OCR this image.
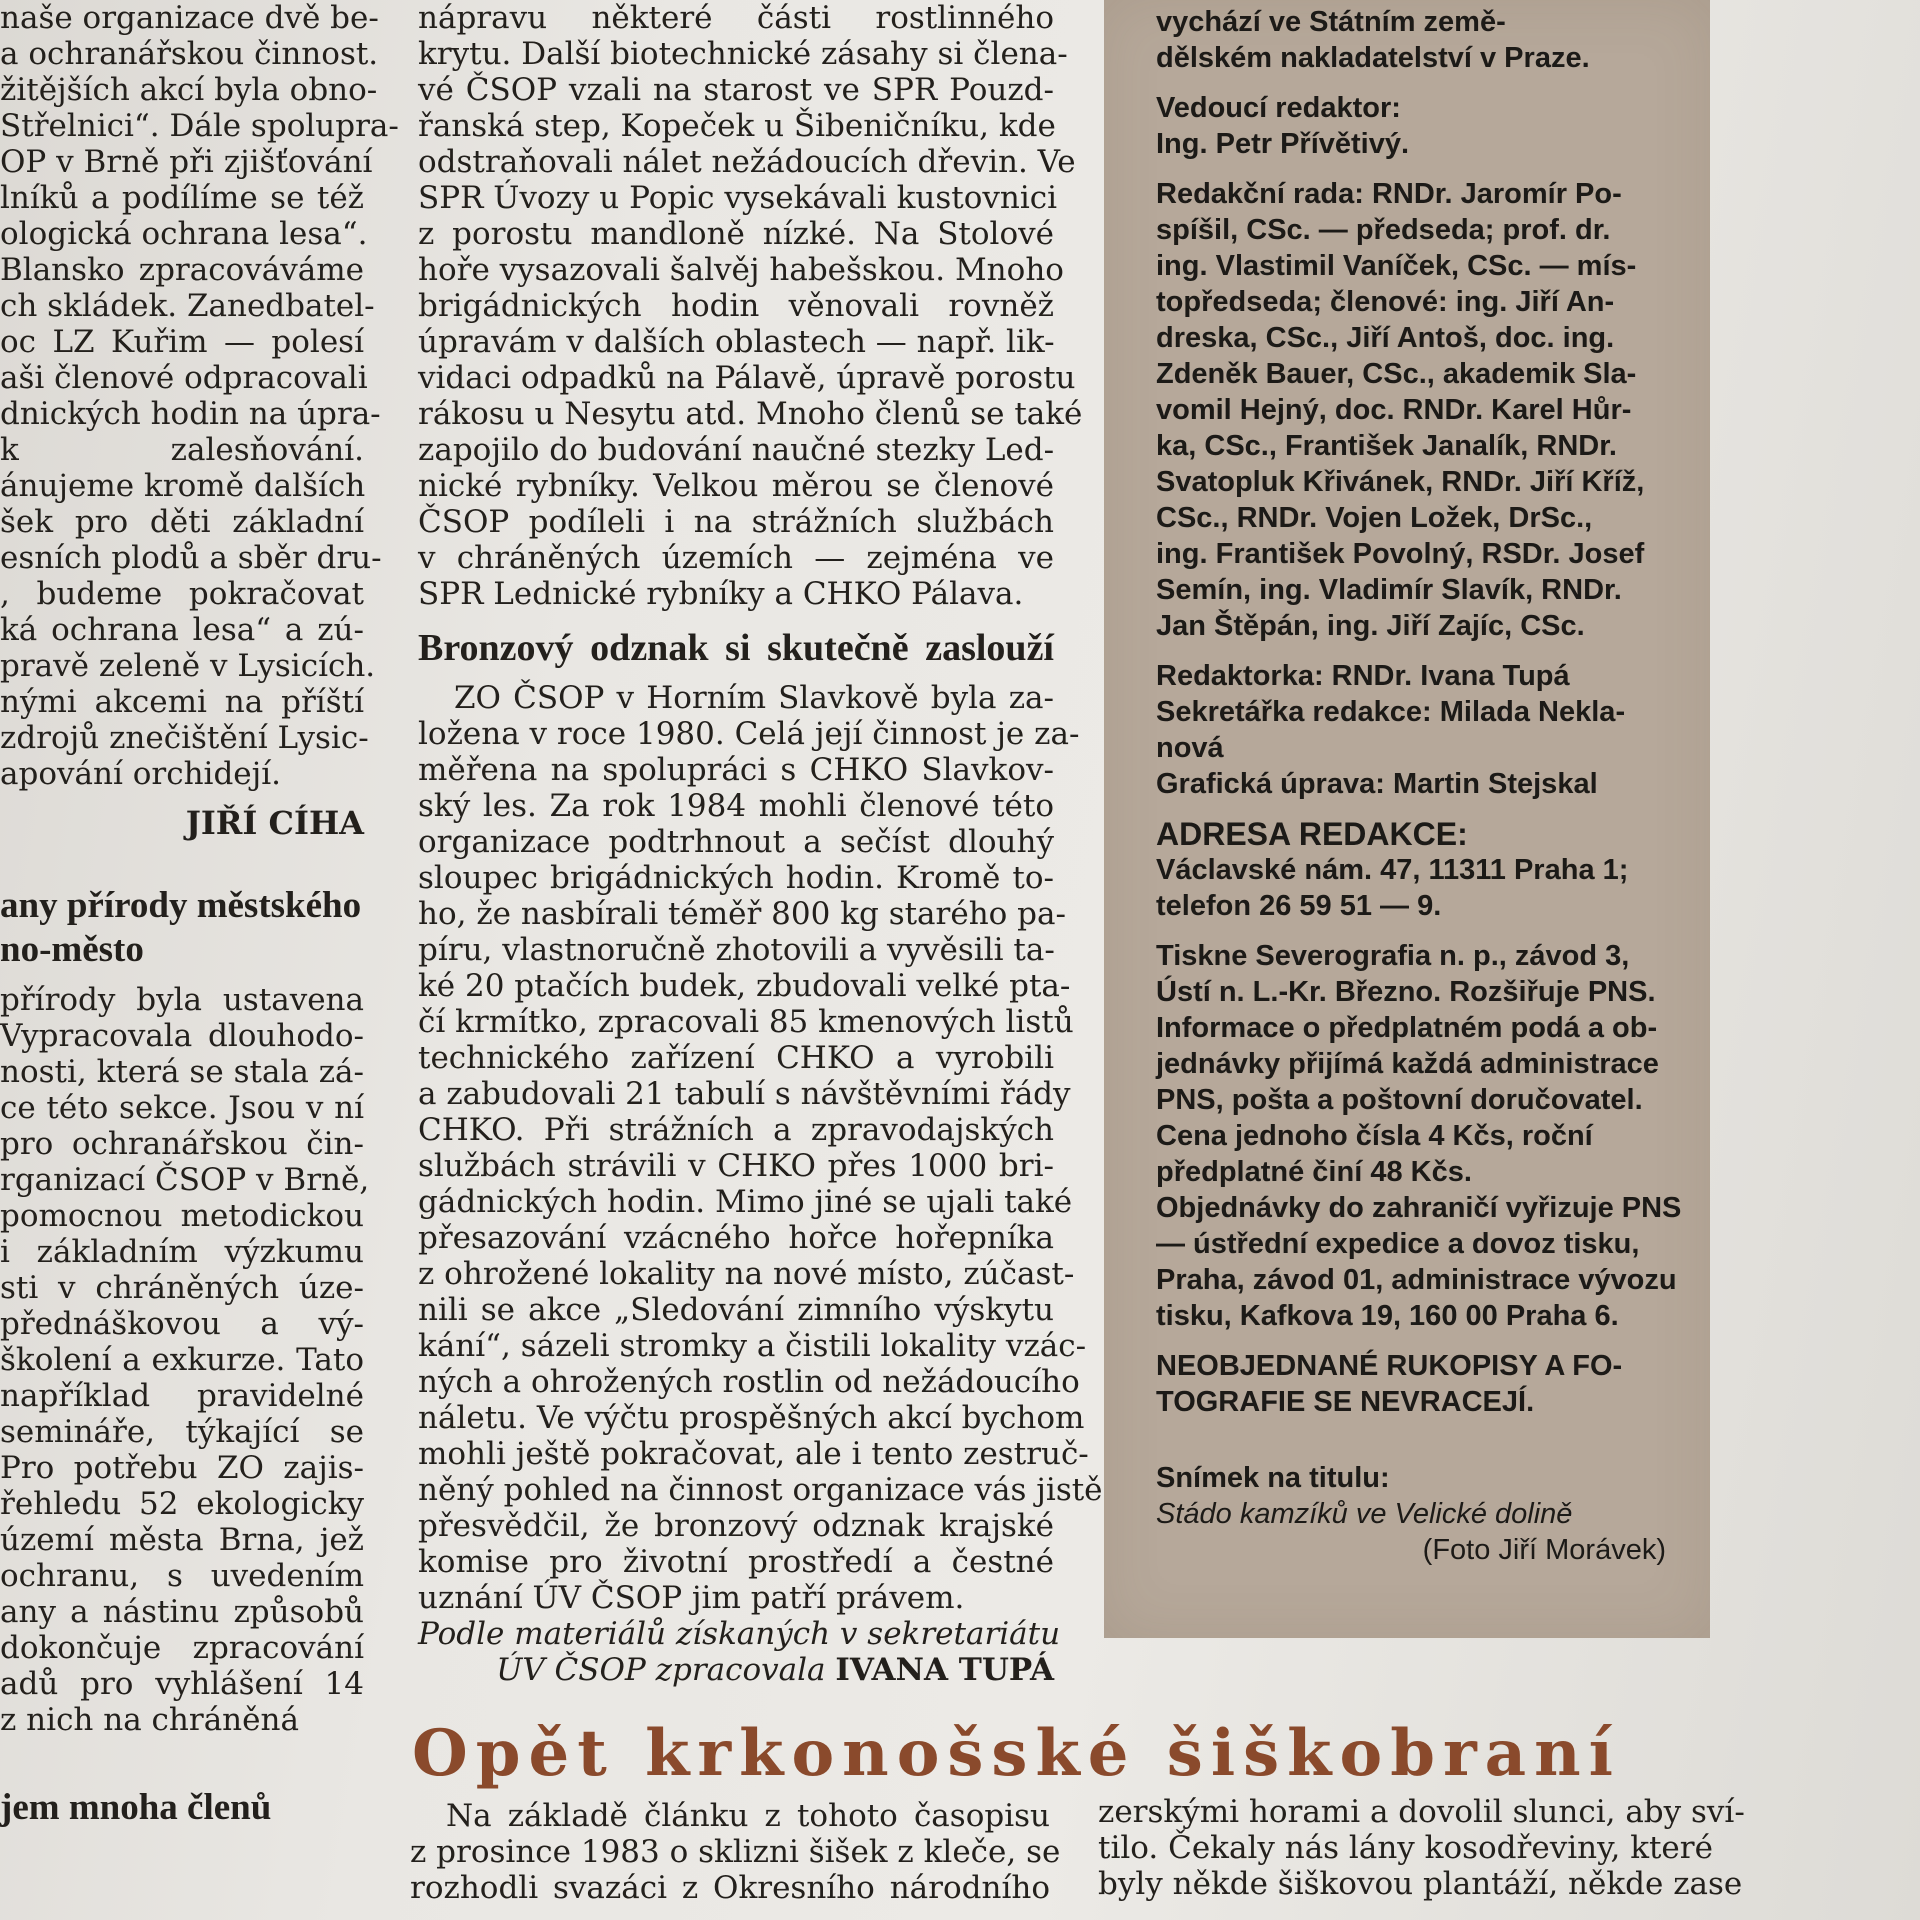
naše organizace dvě be-
a ochranářskou činnost.
žitějších akcí byla obno-
Střelnici“. Dále spolupra-
OP v Brně při zjišťování
lníků a podílíme se též
ologická ochrana lesa“.
Blansko zpracováváme
ch skládek. Zanedbatel-
oc LZ Kuřim — polesí
aši členové odpracovali
dnických hodin na úpra-
k zalesňování.
ánujeme kromě dalších
šek pro děti základní
esních plodů a sběr dru-
, budeme pokračovat
ká ochrana lesa“ a zú-
pravě zeleně v Lysicích.
nými akcemi na příští
zdrojů znečištění Lysic-
apování orchidejí.
JIŘÍ CÍHA
any přírody městského
no-město
přírody byla ustavena
Vypracovala dlouhodo-
nosti, která se stala zá-
ce této sekce. Jsou v ní
pro ochranářskou čin-
rganizací ČSOP v Brně,
pomocnou metodickou
i základním výzkumu
sti v chráněných úze-
přednáškovou a vý-
školení a exkurze. Tato
například pravidelné
semináře, týkající se
Pro potřebu ZO zajis-
řehledu 52 ekologicky
území města Brna, jež
ochranu, s uvedením
any a nástinu způsobů
dokončuje zpracování
adů pro vyhlášení 14
z nich na chráněná
jem mnoha členů
nápravu některé části rostlinného
krytu. Další biotechnické zásahy si člena-
vé ČSOP vzali na starost ve SPR Pouzd-
řanská step, Kopeček u Šibeničníku, kde
odstraňovali nálet nežádoucích dřevin. Ve
SPR Úvozy u Popic vysekávali kustovnici
z porostu mandloně nízké. Na Stolové
hoře vysazovali šalvěj habešskou. Mnoho
brigádnických hodin věnovali rovněž
úpravám v dalších oblastech — např. lik-
vidaci odpadků na Pálavě, úpravě porostu
rákosu u Nesytu atd. Mnoho členů se také
zapojilo do budování naučné stezky Led-
nické rybníky. Velkou měrou se členové
ČSOP podíleli i na strážních službách
v chráněných územích — zejména ve
SPR Lednické rybníky a CHKO Pálava.
Bronzový odznak si skutečně zaslouží
ZO ČSOP v Horním Slavkově byla za-
ložena v roce 1980. Celá její činnost je za-
měřena na spolupráci s CHKO Slavkov-
ský les. Za rok 1984 mohli členové této
organizace podtrhnout a sečíst dlouhý
sloupec brigádnických hodin. Kromě to-
ho, že nasbírali téměř 800 kg starého pa-
píru, vlastnoručně zhotovili a vyvěsili ta-
ké 20 ptačích budek, zbudovali velké pta-
čí krmítko, zpracovali 85 kmenových listů
technického zařízení CHKO a vyrobili
a zabudovali 21 tabulí s návštěvními řády
CHKO. Při strážních a zpravodajských
službách strávili v CHKO přes 1000 bri-
gádnických hodin. Mimo jiné se ujali také
přesazování vzácného hořce hořepníka
z ohrožené lokality na nové místo, zúčast-
nili se akce „Sledování zimního výskytu
kání“, sázeli stromky a čistili lokality vzác-
ných a ohrožených rostlin od nežádoucího
náletu. Ve výčtu prospěšných akcí bychom
mohli ještě pokračovat, ale i tento zestruč-
něný pohled na činnost organizace vás jistě
přesvědčil, že bronzový odznak krajské
komise pro životní prostředí a čestné
uznání ÚV ČSOP jim patří právem.
Podle materiálů získaných v sekretariátu
ÚV ČSOP zpracovala IVANA TUPÁ

vychází ve Státním země-

dělském nakladatelství v Praze.

Vedoucí redaktor:

Ing. Petr Přívětivý.

Redakční rada: RNDr. Jaromír Po-
spíšil, CSc. — předseda; prof. dr.
ing. Vlastimil Vaníček, CSc. — mís-
topředseda; členové: ing. Jiří An-
dreska, CSc., Jiří Antoš, doc. ing.
Zdeněk Bauer, CSc., akademik Sla-
vomil Hejný, doc. RNDr. Karel Hůr-
ka, CSc., František Janalík, RNDr.
Svatopluk Křivánek, RNDr. Jiří Kříž,
CSc., RNDr. Vojen Ložek, DrSc.,
ing. František Povolný, RSDr. Josef
Semín, ing. Vladimír Slavík, RNDr.
Jan Štěpán, ing. Jiří Zajíc, CSc.
Redaktorka: RNDr. Ivana Tupá
Sekretářka redakce: Milada Nekla-
nová
Grafická úprava: Martin Stejskal

ADRESA REDAKCE:

Václavské nám. 47, 11311 Praha 1;
telefon 26 59 51 — 9.
Tiskne Severografia n. p., závod 3,
Ústí n. L.-Kr. Březno. Rozšiřuje PNS.
Informace o předplatném podá a ob-
jednávky přijímá každá administrace
PNS, pošta a poštovní doručovatel.
Cena jednoho čísla 4 Kčs, roční
předplatné činí 48 Kčs.
Objednávky do zahraničí vyřizuje PNS
— ústřední expedice a dovoz tisku,
Praha, závod 01, administrace vývozu
tisku, Kafkova 19, 160 00 Praha 6.
NEOBJEDNANÉ RUKOPISY A FO-
TOGRAFIE SE NEVRACEJÍ.

Snímek na titulu:

Stádo kamzíků ve Velické dolině

(Foto Jiří Morávek)

Opět krkonošské šiškobraní
Na základě článku z tohoto časopisu
z prosince 1983 o sklizni šišek z kleče, se
rozhodli svazáci z Okresního národního
zerskými horami a dovolil slunci, aby sví-
tilo. Čekaly nás lány kosodřeviny, které
byly někde šiškovou plantáží, někde zase
